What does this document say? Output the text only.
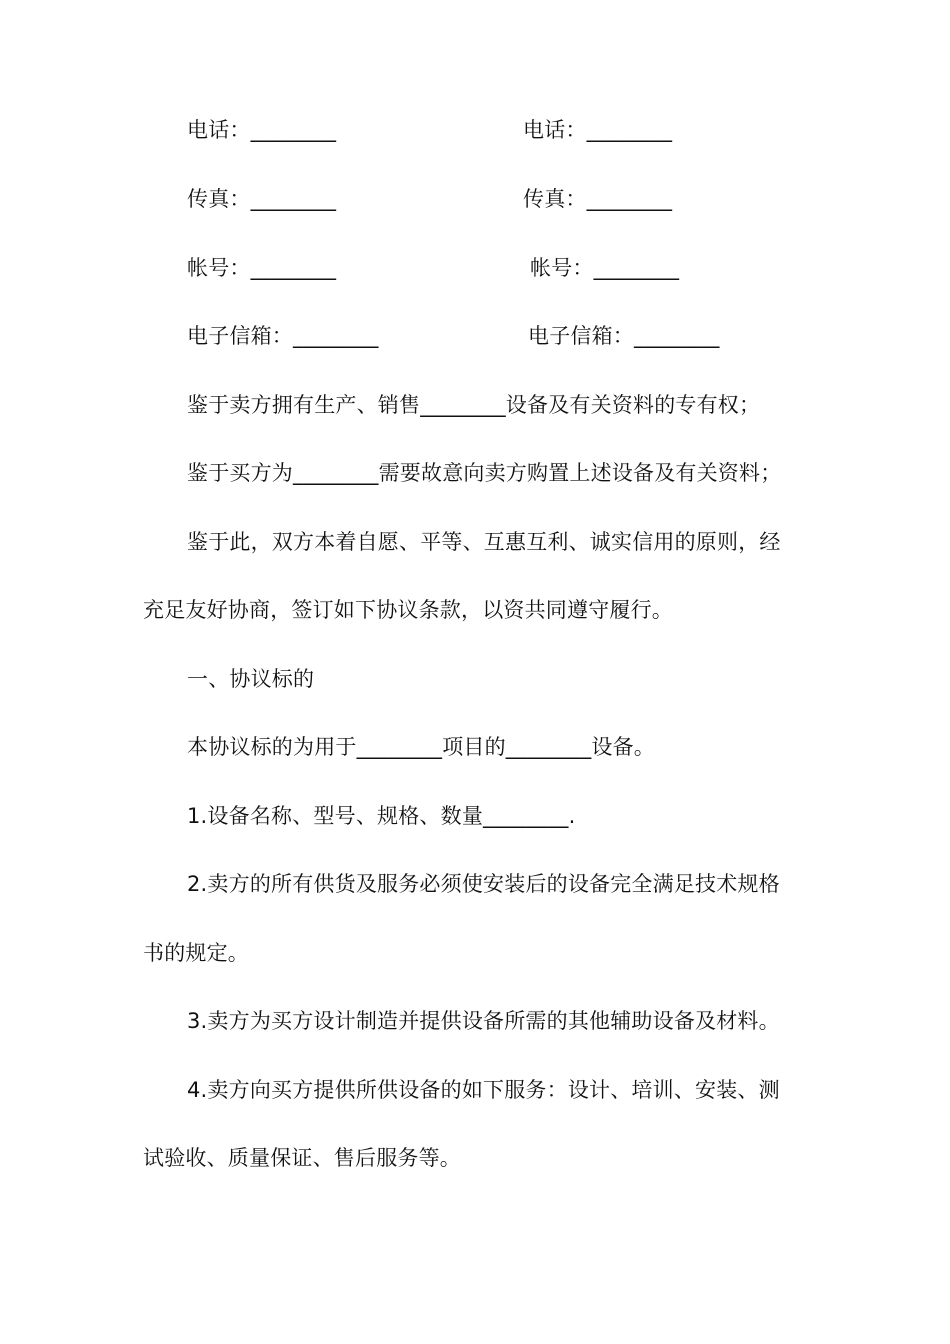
电话：________	电话：________
传真：________	传真：________
帐号：________	帐号：________
电子信箱：________	电子信箱：________
鉴于卖方拥有生产、销售________设备及有关资料的专有权；
鉴于买方为________需要故意向卖方购置上述设备及有关资料；
鉴于此，双方本着自愿、平等、互惠互利、诚实信用的原则，经
充足友好协商，签订如下协议条款，以资共同遵守履行。
一、协议标的
本协议标的为用于________项目的________设备。
1.设备名称、型号、规格、数量________.
2.卖方的所有供货及服务必须使安装后的设备完全满足技术规格
书的规定。
3.卖方为买方设计制造并提供设备所需的其他辅助设备及材料。
4.卖方向买方提供所供设备的如下服务：设计、培训、安装、测
试验收、质量保证、售后服务等。
